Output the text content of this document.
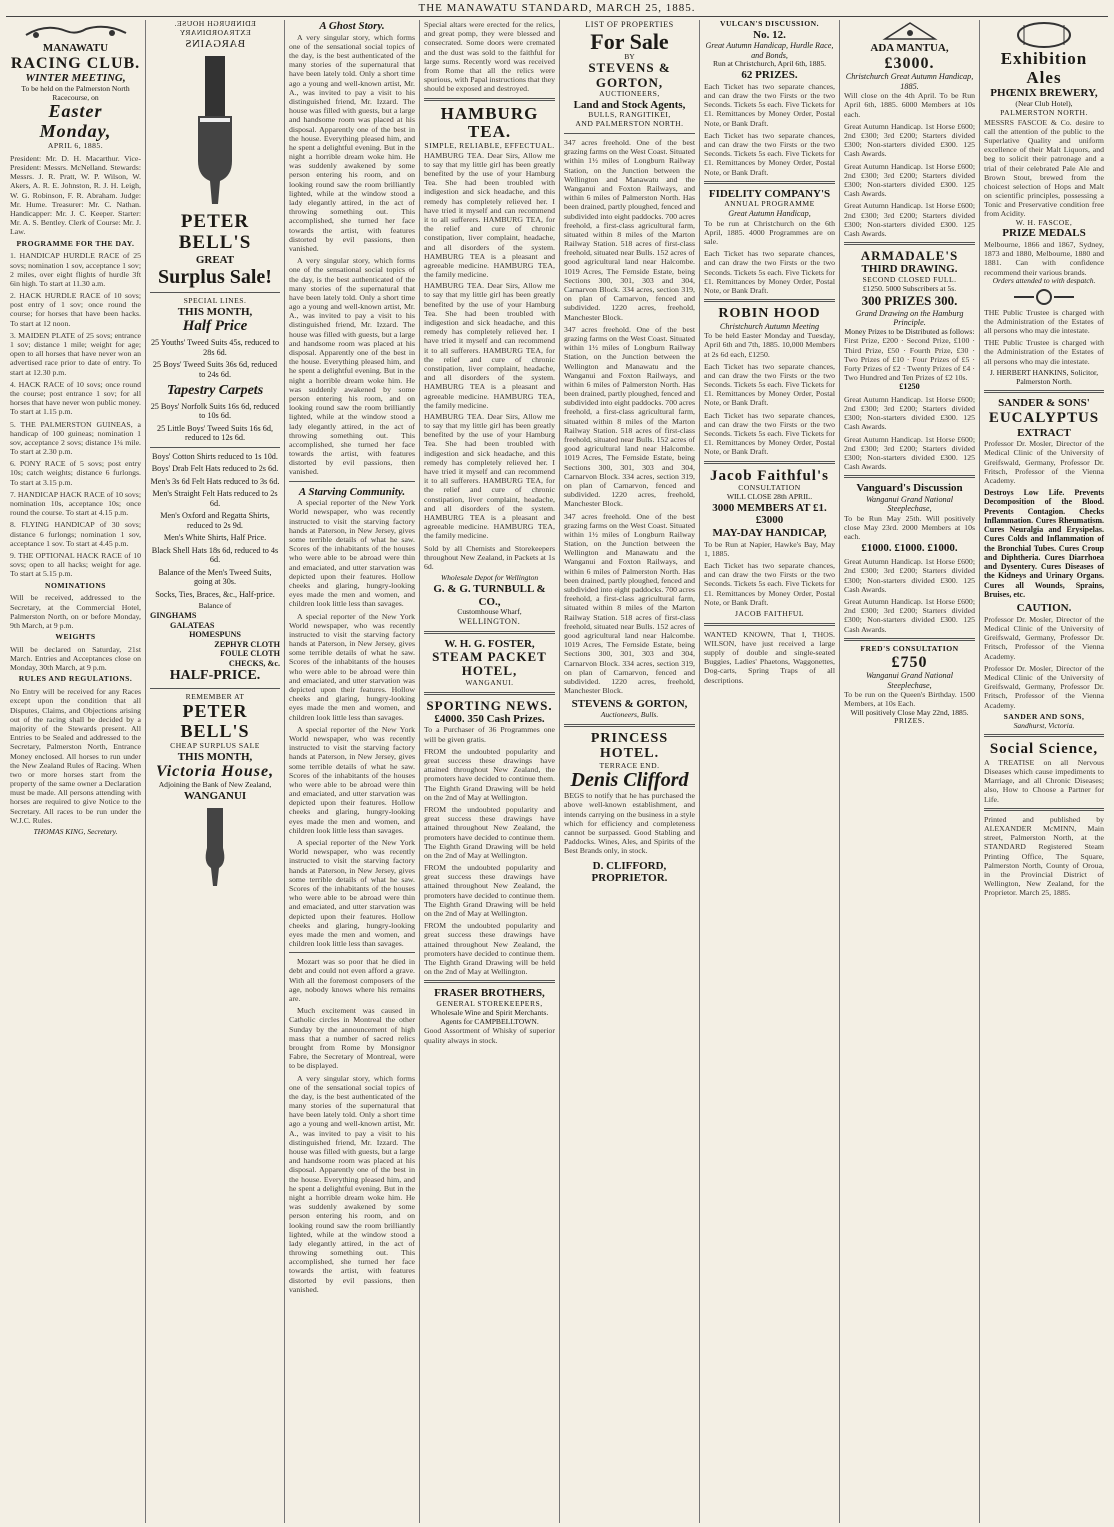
THE MANAWATU STANDARD, MARCH 25, 1885.
MANAWATU
RACING CLUB.
WINTER MEETING,
To be held on the Palmerston North
Racecourse, on
Easter Monday,
APRIL 6, 1885.
President: Mr. D. H. Macarthur. Vice-President: Messrs. McNelland. Stewards: Messrs. J. R. Pratt, W. P. Wilson, W. Akers, A. R. E. Johnston, R. J. H. Leigh, W. G. Robinson, F. R. Abraham. Judge: Mr. Hume. Treasurer: Mr. C. Nathan. Handicapper: Mr. J. C. Keeper. Starter: Mr. A. S. Bentley. Clerk of Course: Mr. J. Law.
PROGRAMME FOR THE DAY.
1. HANDICAP HURDLE RACE of 25 sovs; nomination 1 sov, acceptance 1 sov; 2 miles, over eight flights of hurdle 3ft 6in high. To start at 11.30 a.m.
2. HACK HURDLE RACE of 10 sovs; post entry of 1 sov; once round the course; for horses that have been hacks. To start at 12 noon.
3. MAIDEN PLATE of 25 sovs; entrance 1 sov; distance 1 mile; weight for age; open to all horses that have never won an advertised race prior to date of entry. To start at 12.30 p.m.
4. HACK RACE of 10 sovs; once round the course; post entrance 1 sov; for all horses that have never won public money. To start at 1.15 p.m.
5. THE PALMERSTON GUINEAS, a handicap of 100 guineas; nomination 1 sov, acceptance 2 sovs; distance 1¼ mile. To start at 2.30 p.m.
6. PONY RACE of 5 sovs; post entry 10s; catch weights; distance 6 furlongs. To start at 3.15 p.m.
7. HANDICAP HACK RACE of 10 sovs; nomination 10s, acceptance 10s; once round the course. To start at 4.15 p.m.
8. FLYING HANDICAP of 30 sovs; distance 6 furlongs; nomination 1 sov, acceptance 1 sov. To start at 4.45 p.m.
9. THE OPTIONAL HACK RACE of 10 sovs; open to all hacks; weight for age. To start at 5.15 p.m.
NOMINATIONS
Will be received, addressed to the Secretary, at the Commercial Hotel, Palmerston North, on or before Monday, 9th March, at 9 p.m.
WEIGHTS
Will be declared on Saturday, 21st March. Entries and Acceptances close on Monday, 30th March, at 9 p.m.
RULES AND REGULATIONS.
No Entry will be received for any Races except upon the condition that all Disputes, Claims, and Objections arising out of the racing shall be decided by a majority of the Stewards present. All Entries to be Sealed and addressed to the Secretary, Palmerston North, Entrance Money enclosed. All horses to run under the New Zealand Rules of Racing. When two or more horses start from the property of the same owner a Declaration must be made. All persons attending with horses are required to give Notice to the Secretary. All races to be run under the W.J.C. Rules.
THOMAS KING, Secretary.
EDINBURGH HOUSE.
EXTRAORDINARY
BARGAINS
PETER BELL'S
GREAT
Surplus Sale!
SPECIAL LINES.
THIS MONTH,
Half Price
25 Youths' Tweed Suits 45s, reduced to 28s 6d.
25 Boys' Tweed Suits 36s 6d, reduced to 24s 6d.
Tapestry Carpets
25 Boys' Norfolk Suits 16s 6d, reduced to 10s 6d.
25 Little Boys' Tweed Suits 16s 6d, reduced to 12s 6d.
Boys' Cotton Shirts reduced to 1s 10d.
Boys' Drab Felt Hats reduced to 2s 6d.
Men's 3s 6d Felt Hats reduced to 3s 6d.
Men's Straight Felt Hats reduced to 2s 6d.
Men's Oxford and Regatta Shirts, reduced to 2s 9d.
Men's White Shirts, Half Price.
Black Shell Hats 18s 6d, reduced to 4s 6d.
Balance of the Men's Tweed Suits, going at 30s.
Socks, Ties, Braces, &c., Half-price.
Balance of
GINGHAMS
GALATEAS
HOMESPUNS
ZEPHYR CLOTH
FOULE CLOTH
CHECKS, &c.
HALF-PRICE.
REMEMBER AT
PETER BELL'S
CHEAP SURPLUS SALE
THIS MONTH,
Victoria House,
Adjoining the Bank of New Zealand,
WANGANUI
A Ghost Story.
A very singular story, which forms one of the sensational social topics of the day, is the best authenticated of the many stories of the supernatural that have been lately told. Only a short time ago a young and well-known artist, Mr. A., was invited to pay a visit to his distinguished friend, Mr. Izzard. The house was filled with guests, but a large and handsome room was placed at his disposal. Apparently one of the best in the house. Everything pleased him, and he spent a delightful evening. But in the night a horrible dream woke him. He was suddenly awakened by some person entering his room, and on looking round saw the room brilliantly lighted, while at the window stood a lady elegantly attired, in the act of throwing something out. This accomplished, she turned her face towards the artist, with features distorted by evil passions, then vanished.
A very singular story, which forms one of the sensational social topics of the day, is the best authenticated of the many stories of the supernatural that have been lately told. Only a short time ago a young and well-known artist, Mr. A., was invited to pay a visit to his distinguished friend, Mr. Izzard. The house was filled with guests, but a large and handsome room was placed at his disposal. Apparently one of the best in the house. Everything pleased him, and he spent a delightful evening. But in the night a horrible dream woke him. He was suddenly awakened by some person entering his room, and on looking round saw the room brilliantly lighted, while at the window stood a lady elegantly attired, in the act of throwing something out. This accomplished, she turned her face towards the artist, with features distorted by evil passions, then vanished.
A Starving Community.
A special reporter of the New York World newspaper, who was recently instructed to visit the starving factory hands at Paterson, in New Jersey, gives some terrible details of what he saw. Scores of the inhabitants of the houses who were able to be abroad were thin and emaciated, and utter starvation was depicted upon their features. Hollow cheeks and glaring, hungry-looking eyes made the men and women, and children look little less than savages.
A special reporter of the New York World newspaper, who was recently instructed to visit the starving factory hands at Paterson, in New Jersey, gives some terrible details of what he saw. Scores of the inhabitants of the houses who were able to be abroad were thin and emaciated, and utter starvation was depicted upon their features. Hollow cheeks and glaring, hungry-looking eyes made the men and women, and children look little less than savages.
A special reporter of the New York World newspaper, who was recently instructed to visit the starving factory hands at Paterson, in New Jersey, gives some terrible details of what he saw. Scores of the inhabitants of the houses who were able to be abroad were thin and emaciated, and utter starvation was depicted upon their features. Hollow cheeks and glaring, hungry-looking eyes made the men and women, and children look little less than savages.
A special reporter of the New York World newspaper, who was recently instructed to visit the starving factory hands at Paterson, in New Jersey, gives some terrible details of what he saw. Scores of the inhabitants of the houses who were able to be abroad were thin and emaciated, and utter starvation was depicted upon their features. Hollow cheeks and glaring, hungry-looking eyes made the men and women, and children look little less than savages.
Mozart was so poor that he died in debt and could not even afford a grave. With all the foremost composers of the age, nobody knows where his remains are.
Much excitement was caused in Catholic circles in Montreal the other Sunday by the announcement of high mass that a number of sacred relics brought from Rome by Monsignor Fabre, the Secretary of Montreal, were to be displayed.
A very singular story, which forms one of the sensational social topics of the day, is the best authenticated of the many stories of the supernatural that have been lately told. Only a short time ago a young and well-known artist, Mr. A., was invited to pay a visit to his distinguished friend, Mr. Izzard. The house was filled with guests, but a large and handsome room was placed at his disposal. Apparently one of the best in the house. Everything pleased him, and he spent a delightful evening. But in the night a horrible dream woke him. He was suddenly awakened by some person entering his room, and on looking round saw the room brilliantly lighted, while at the window stood a lady elegantly attired, in the act of throwing something out. This accomplished, she turned her face towards the artist, with features distorted by evil passions, then vanished.
Special altars were erected for the relics, and great pomp, they were blessed and consecrated. Some doors were cremated and the dust was sold to the faithful for large sums. Recently word was received from Rome that all the relics were spurious, with Papal instructions that they should be exposed and destroyed.
HAMBURG TEA.
SIMPLE, RELIABLE, EFFECTUAL.
HAMBURG TEA. Dear Sirs, Allow me to say that my little girl has been greatly benefited by the use of your Hamburg Tea. She had been troubled with indigestion and sick headache, and this remedy has completely relieved her. I have tried it myself and can recommend it to all sufferers. HAMBURG TEA, for the relief and cure of chronic constipation, liver complaint, headache, and all disorders of the system. HAMBURG TEA is a pleasant and agreeable medicine. HAMBURG TEA, the family medicine.
HAMBURG TEA. Dear Sirs, Allow me to say that my little girl has been greatly benefited by the use of your Hamburg Tea. She had been troubled with indigestion and sick headache, and this remedy has completely relieved her. I have tried it myself and can recommend it to all sufferers. HAMBURG TEA, for the relief and cure of chronic constipation, liver complaint, headache, and all disorders of the system. HAMBURG TEA is a pleasant and agreeable medicine. HAMBURG TEA, the family medicine.
HAMBURG TEA. Dear Sirs, Allow me to say that my little girl has been greatly benefited by the use of your Hamburg Tea. She had been troubled with indigestion and sick headache, and this remedy has completely relieved her. I have tried it myself and can recommend it to all sufferers. HAMBURG TEA, for the relief and cure of chronic constipation, liver complaint, headache, and all disorders of the system. HAMBURG TEA is a pleasant and agreeable medicine. HAMBURG TEA, the family medicine.
Sold by all Chemists and Storekeepers throughout New Zealand, in Packets at 1s 6d.
Wholesale Depot for Wellington
G. & G. TURNBULL & CO.,
Customhouse Wharf,
WELLINGTON.
W. H. G. FOSTER,
STEAM PACKET HOTEL,
WANGANUI.
SPORTING NEWS.
£4000. 350 Cash Prizes.
To a Purchaser of 36 Programmes one will be given gratis.
FROM the undoubted popularity and great success these drawings have attained throughout New Zealand, the promoters have decided to continue them. The Eighth Grand Drawing will be held on the 2nd of May at Wellington.
FROM the undoubted popularity and great success these drawings have attained throughout New Zealand, the promoters have decided to continue them. The Eighth Grand Drawing will be held on the 2nd of May at Wellington.
FROM the undoubted popularity and great success these drawings have attained throughout New Zealand, the promoters have decided to continue them. The Eighth Grand Drawing will be held on the 2nd of May at Wellington.
FROM the undoubted popularity and great success these drawings have attained throughout New Zealand, the promoters have decided to continue them. The Eighth Grand Drawing will be held on the 2nd of May at Wellington.
FRASER BROTHERS,
GENERAL STOREKEEPERS,
Wholesale Wine and Spirit Merchants.
Agents for CAMPBELLTOWN.
Good Assortment of Whisky of superior quality always in stock.
LIST OF PROPERTIES
For Sale
BY
STEVENS & GORTON,
AUCTIONEERS,
Land and Stock Agents,
BULLS, RANGITIKEI,
AND PALMERSTON NORTH.
347 acres freehold. One of the best grazing farms on the West Coast. Situated within 1½ miles of Longburn Railway Station, on the Junction between the Wellington and Manawatu and the Wanganui and Foxton Railways, and within 6 miles of Palmerston North. Has been drained, partly ploughed, fenced and subdivided into eight paddocks. 700 acres freehold, a first-class agricultural farm, situated within 8 miles of the Marton Railway Station. 518 acres of first-class freehold, situated near Bulls. 152 acres of good agricultural land near Halcombe. 1019 Acres, The Fernside Estate, being Sections 300, 301, 303 and 304, Carnarvon Block. 334 acres, section 319, on plan of Carnarvon, fenced and subdivided. 1220 acres, freehold, Manchester Block.
347 acres freehold. One of the best grazing farms on the West Coast. Situated within 1½ miles of Longburn Railway Station, on the Junction between the Wellington and Manawatu and the Wanganui and Foxton Railways, and within 6 miles of Palmerston North. Has been drained, partly ploughed, fenced and subdivided into eight paddocks. 700 acres freehold, a first-class agricultural farm, situated within 8 miles of the Marton Railway Station. 518 acres of first-class freehold, situated near Bulls. 152 acres of good agricultural land near Halcombe. 1019 Acres, The Fernside Estate, being Sections 300, 301, 303 and 304, Carnarvon Block. 334 acres, section 319, on plan of Carnarvon, fenced and subdivided. 1220 acres, freehold, Manchester Block.
347 acres freehold. One of the best grazing farms on the West Coast. Situated within 1½ miles of Longburn Railway Station, on the Junction between the Wellington and Manawatu and the Wanganui and Foxton Railways, and within 6 miles of Palmerston North. Has been drained, partly ploughed, fenced and subdivided into eight paddocks. 700 acres freehold, a first-class agricultural farm, situated within 8 miles of the Marton Railway Station. 518 acres of first-class freehold, situated near Bulls. 152 acres of good agricultural land near Halcombe. 1019 Acres, The Fernside Estate, being Sections 300, 301, 303 and 304, Carnarvon Block. 334 acres, section 319, on plan of Carnarvon, fenced and subdivided. 1220 acres, freehold, Manchester Block.
STEVENS & GORTON,
Auctioneers, Bulls.
PRINCESS HOTEL.
TERRACE END.
Denis Clifford
BEGS to notify that he has purchased the above well-known establishment, and intends carrying on the business in a style which for efficiency and completeness cannot be surpassed. Good Stabling and Paddocks. Wines, Ales, and Spirits of the Best Brands only, in stock.
D. CLIFFORD, PROPRIETOR.
VULCAN'S DISCUSSION.
No. 12.
Great Autumn Handicap, Hurdle Race, and Bonds,
Run at Christchurch, April 6th, 1885.
62 PRIZES.
Each Ticket has two separate chances, and can draw the two Firsts or the two Seconds. Tickets 5s each. Five Tickets for £1. Remittances by Money Order, Postal Note, or Bank Draft.
Each Ticket has two separate chances, and can draw the two Firsts or the two Seconds. Tickets 5s each. Five Tickets for £1. Remittances by Money Order, Postal Note, or Bank Draft.
FIDELITY COMPANY'S
ANNUAL PROGRAMME
Great Autumn Handicap,
To be run at Christchurch on the 6th April, 1885. 4000 Programmes are on sale.
Each Ticket has two separate chances, and can draw the two Firsts or the two Seconds. Tickets 5s each. Five Tickets for £1. Remittances by Money Order, Postal Note, or Bank Draft.
ROBIN HOOD
Christchurch Autumn Meeting
To be held Easter Monday and Tuesday, April 6th and 7th, 1885. 10,000 Members at 2s 6d each, £1250.
Each Ticket has two separate chances, and can draw the two Firsts or the two Seconds. Tickets 5s each. Five Tickets for £1. Remittances by Money Order, Postal Note, or Bank Draft.
Each Ticket has two separate chances, and can draw the two Firsts or the two Seconds. Tickets 5s each. Five Tickets for £1. Remittances by Money Order, Postal Note, or Bank Draft.
Jacob Faithful's
CONSULTATION
WILL CLOSE 28th APRIL.
3000 MEMBERS AT £1. £3000
MAY-DAY HANDICAP,
To be Run at Napier, Hawke's Bay, May 1, 1885.
Each Ticket has two separate chances, and can draw the two Firsts or the two Seconds. Tickets 5s each. Five Tickets for £1. Remittances by Money Order, Postal Note, or Bank Draft.
JACOB FAITHFUL
WANTED KNOWN, That I, THOS. WILSON, have just received a large supply of double and single-seated Buggies, Ladies' Phaetons, Waggonettes, Dog-carts, Spring Traps of all descriptions.
ADA MANTUA,
£3000.
Christchurch Great Autumn Handicap, 1885.
Will close on the 4th April. To be Run April 6th, 1885. 6000 Members at 10s each.
Great Autumn Handicap. 1st Horse £600; 2nd £300; 3rd £200; Starters divided £300; Non-starters divided £300. 125 Cash Awards.
Great Autumn Handicap. 1st Horse £600; 2nd £300; 3rd £200; Starters divided £300; Non-starters divided £300. 125 Cash Awards.
Great Autumn Handicap. 1st Horse £600; 2nd £300; 3rd £200; Starters divided £300; Non-starters divided £300. 125 Cash Awards.
ARMADALE'S
THIRD DRAWING.
SECOND CLOSED FULL.
£1250. 5000 Subscribers at 5s.
300 PRIZES 300.
Grand Drawing on the Hamburg Principle.
Money Prizes to be Distributed as follows:
First Prize, £200 · Second Prize, £100 · Third Prize, £50 · Fourth Prize, £30 · Two Prizes of £10 · Four Prizes of £5 · Forty Prizes of £2 · Twenty Prizes of £4 · Two Hundred and Ten Prizes of £2 10s.
£1250
Great Autumn Handicap. 1st Horse £600; 2nd £300; 3rd £200; Starters divided £300; Non-starters divided £300. 125 Cash Awards.
Great Autumn Handicap. 1st Horse £600; 2nd £300; 3rd £200; Starters divided £300; Non-starters divided £300. 125 Cash Awards.
Vanguard's Discussion
Wanganui Grand National Steeplechase,
To be Run May 25th. Will positively close May 23rd. 2000 Members at 10s each.
£1000. £1000. £1000.
Great Autumn Handicap. 1st Horse £600; 2nd £300; 3rd £200; Starters divided £300; Non-starters divided £300. 125 Cash Awards.
Great Autumn Handicap. 1st Horse £600; 2nd £300; 3rd £200; Starters divided £300; Non-starters divided £300. 125 Cash Awards.
FRED'S CONSULTATION
£750
Wanganui Grand National Steeplechase,
To be run on the Queen's Birthday. 1500 Members, at 10s Each.
Will positively Close May 22nd, 1885.
PRIZES.
Exhibition Ales
PHŒNIX BREWERY,
(Near Club Hotel),
PALMERSTON NORTH.
MESSRS FASCOE & Co. desire to call the attention of the public to the Superlative Quality and uniform excellence of their Malt Liquors, and beg to solicit their patronage and a trial of their celebrated Pale Ale and Brown Stout, brewed from the choicest selection of Hops and Malt on scientific principles, possessing a Tonic and Preservative condition free from Acidity.
W. H. FASCOE,
PRIZE MEDALS
Melbourne, 1866 and 1867, Sydney, 1873 and 1880, Melbourne, 1880 and 1881. Can with confidence recommend their various brands.
Orders attended to with despatch.
THE Public Trustee is charged with the Administration of the Estates of all persons who may die intestate.
THE Public Trustee is charged with the Administration of the Estates of all persons who may die intestate.
J. HERBERT HANKINS, Solicitor, Palmerston North.
SANDER & SONS'
EUCALYPTUS
EXTRACT
Professor Dr. Mosler, Director of the Medical Clinic of the University of Greifswald, Germany, Professor Dr. Fritsch, Professor of the Vienna Academy.
Destroys Low Life. Prevents Decomposition of the Blood. Prevents Contagion. Checks Inflammation. Cures Rheumatism. Cures Neuralgia and Erysipelas. Cures Colds and Inflammation of the Bronchial Tubes. Cures Croup and Diphtheria. Cures Diarrhoea and Dysentery. Cures Diseases of the Kidneys and Urinary Organs. Cures all Wounds, Sprains, Bruises, etc.
CAUTION.
Professor Dr. Mosler, Director of the Medical Clinic of the University of Greifswald, Germany, Professor Dr. Fritsch, Professor of the Vienna Academy.
Professor Dr. Mosler, Director of the Medical Clinic of the University of Greifswald, Germany, Professor Dr. Fritsch, Professor of the Vienna Academy.
SANDER AND SONS,
Sandhurst, Victoria.
Social Science,
A TREATISE on all Nervous Diseases which cause impediments to Marriage, and all Chronic Diseases; also, How to Choose a Partner for Life.
Printed and published by ALEXANDER McMINN, Main street, Palmerston North, at the STANDARD Registered Steam Printing Office, The Square, Palmerston North, County of Oroua, in the Provincial District of Wellington, New Zealand, for the Proprietor. March 25, 1885.
